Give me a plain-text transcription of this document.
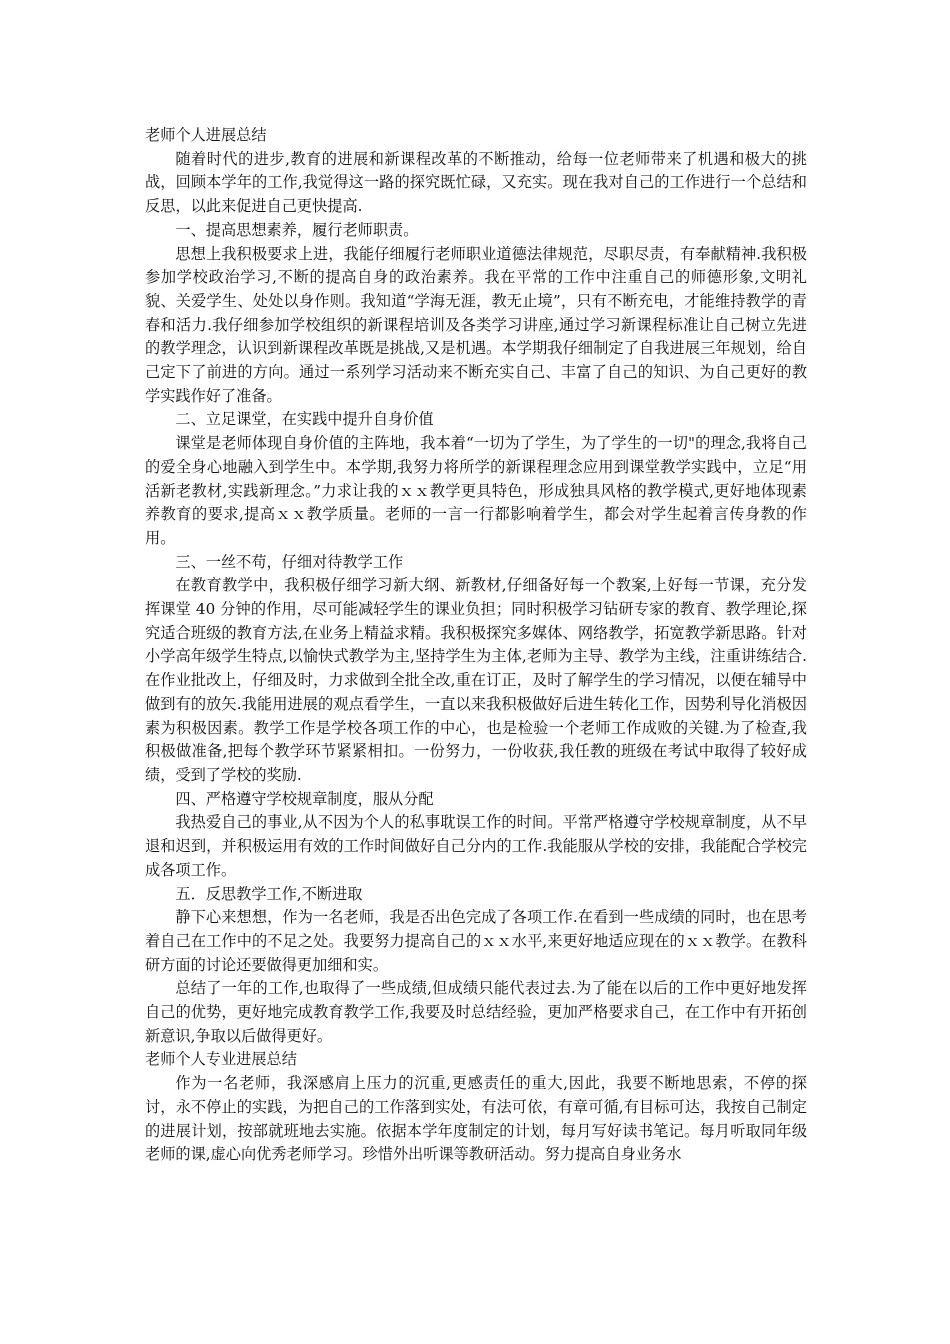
老师个人进展总结

随着时代的进步,教育的进展和新课程改革的不断推动，给每一位老师带来了机遇和极大的挑战，回顾本学年的工作,我觉得这一路的探究既忙碌，又充实。现在我对自己的工作进行一个总结和反思，以此来促进自己更快提高.

一、提高思想素养，履行老师职责。

思想上我积极要求上进，我能仔细履行老师职业道德法律规范，尽职尽责，有奉献精神.我积极参加学校政治学习,不断的提高自身的政治素养。我在平常的工作中注重自己的师德形象,文明礼貌、关爱学生、处处以身作则。我知道“学海无涯，教无止境”，只有不断充电，才能维持教学的青春和活力.我仔细参加学校组织的新课程培训及各类学习讲座,通过学习新课程标准让自己树立先进的教学理念，认识到新课程改革既是挑战,又是机遇。本学期我仔细制定了自我进展三年规划，给自己定下了前进的方向。通过一系列学习活动来不断充实自己、丰富了自己的知识、为自己更好的教学实践作好了准备。

二、立足课堂，在实践中提升自身价值

课堂是老师体现自身价值的主阵地，我本着“一切为了学生，为了学生的一切"的理念,我将自己的爱全身心地融入到学生中。本学期,我努力将所学的新课程理念应用到课堂教学实践中，立足“用活新老教材,实践新理念。”力求让我的ｘｘ教学更具特色，形成独具风格的教学模式,更好地体现素养教育的要求,提高ｘｘ教学质量。老师的一言一行都影响着学生，都会对学生起着言传身教的作用。

三、一丝不苟，仔细对待教学工作

在教育教学中，我积极仔细学习新大纲、新教材,仔细备好每一个教案,上好每一节课，充分发挥课堂 40 分钟的作用，尽可能减轻学生的课业负担；同时积极学习钻研专家的教育、教学理论,探究适合班级的教育方法,在业务上精益求精。我积极探究多媒体、网络教学，拓宽教学新思路。针对小学高年级学生特点,以愉快式教学为主,坚持学生为主体,老师为主导、教学为主线，注重讲练结合.在作业批改上，仔细及时，力求做到全批全改,重在订正，及时了解学生的学习情况，以便在辅导中做到有的放矢.我能用进展的观点看学生，一直以来我积极做好后进生转化工作，因势利导化消极因素为积极因素。教学工作是学校各项工作的中心，也是检验一个老师工作成败的关键.为了检查,我积极做准备,把每个教学环节紧紧相扣。一份努力，一份收获,我任教的班级在考试中取得了较好成绩，受到了学校的奖励.

四、严格遵守学校规章制度，服从分配

我热爱自己的事业,从不因为个人的私事耽误工作的时间。平常严格遵守学校规章制度，从不早退和迟到，并积极运用有效的工作时间做好自己分内的工作.我能服从学校的安排，我能配合学校完成各项工作。

五．反思教学工作,不断进取

静下心来想想，作为一名老师，我是否出色完成了各项工作.在看到一些成绩的同时，也在思考着自己在工作中的不足之处。我要努力提高自己的ｘｘ水平,来更好地适应现在的ｘｘ教学。在教科研方面的讨论还要做得更加细和实。

总结了一年的工作,也取得了一些成绩,但成绩只能代表过去.为了能在以后的工作中更好地发挥自己的优势，更好地完成教育教学工作,我要及时总结经验，更加严格要求自己，在工作中有开拓创新意识,争取以后做得更好。

老师个人专业进展总结

作为一名老师，我深感肩上压力的沉重,更感责任的重大,因此，我要不断地思索，不停的探讨，永不停止的实践，为把自己的工作落到实处，有法可依，有章可循,有目标可达，我按自己制定的进展计划，按部就班地去实施。依据本学年度制定的计划，每月写好读书笔记。每月听取同年级老师的课,虚心向优秀老师学习。珍惜外出听课等教研活动。努力提高自身业务水
